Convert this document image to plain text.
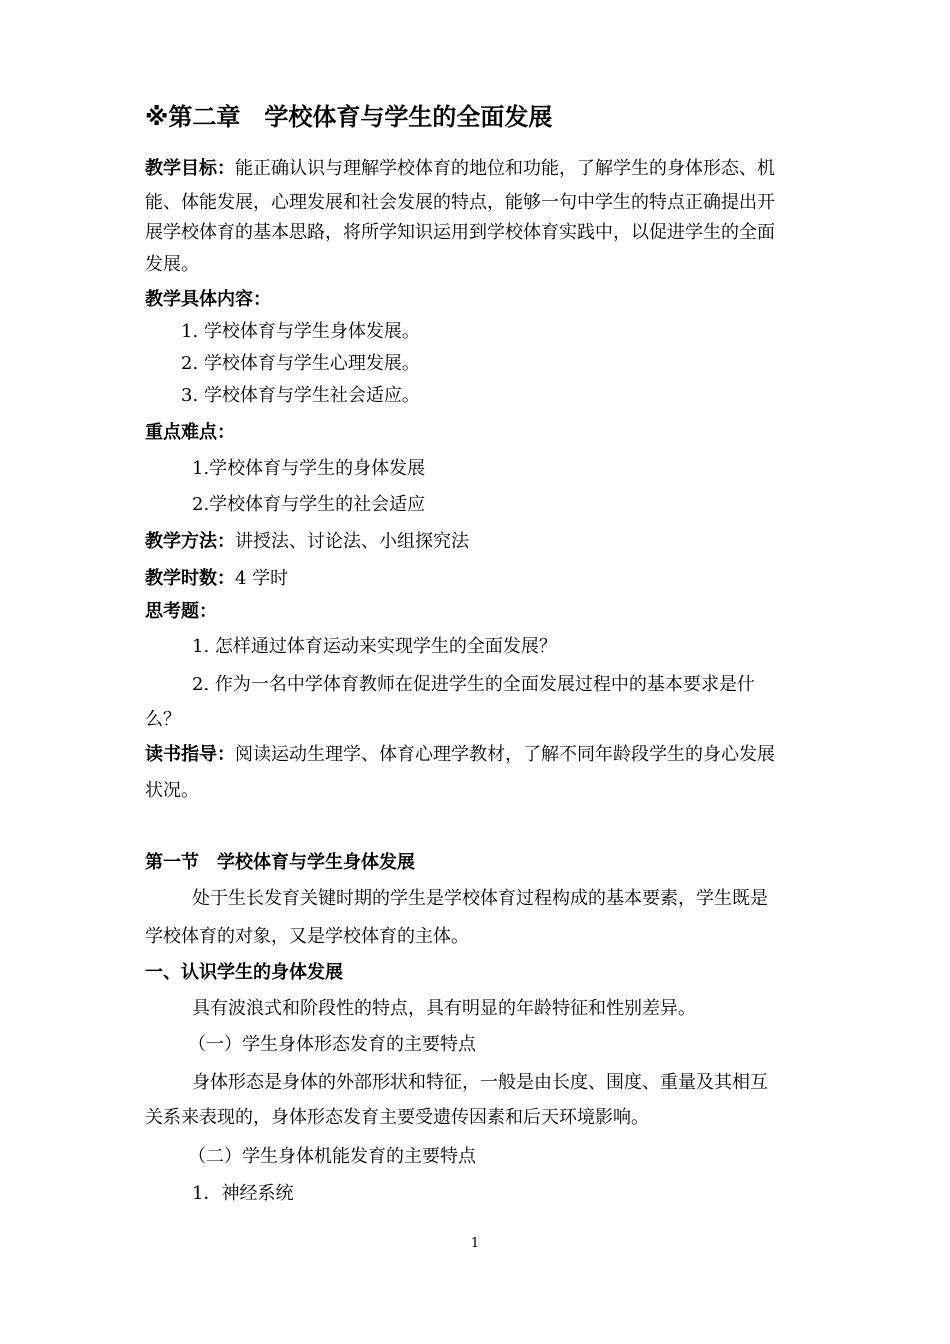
※第二章　学校体育与学生的全面发展
教学目标：能正确认识与理解学校体育的地位和功能，了解学生的身体形态、机
能、体能发展，心理发展和社会发展的特点，能够一句中学生的特点正确提出开
展学校体育的基本思路，将所学知识运用到学校体育实践中，以促进学生的全面
发展。
教学具体内容：
1. 学校体育与学生身体发展。
2. 学校体育与学生心理发展。
3. 学校体育与学生社会适应。
重点难点：
1.学校体育与学生的身体发展
2.学校体育与学生的社会适应
教学方法：讲授法、讨论法、小组探究法
教学时数：4 学时
思考题：
1. 怎样通过体育运动来实现学生的全面发展？
2. 作为一名中学体育教师在促进学生的全面发展过程中的基本要求是什
么？
读书指导：阅读运动生理学、体育心理学教材，了解不同年龄段学生的身心发展
状况。
第一节　学校体育与学生身体发展
处于生长发育关键时期的学生是学校体育过程构成的基本要素，学生既是
学校体育的对象，又是学校体育的主体。
一、认识学生的身体发展
具有波浪式和阶段性的特点，具有明显的年龄特征和性别差异。
（一）学生身体形态发育的主要特点
身体形态是身体的外部形状和特征，一般是由长度、围度、重量及其相互
关系来表现的，身体形态发育主要受遗传因素和后天环境影响。
（二）学生身体机能发育的主要特点
1．神经系统
1
